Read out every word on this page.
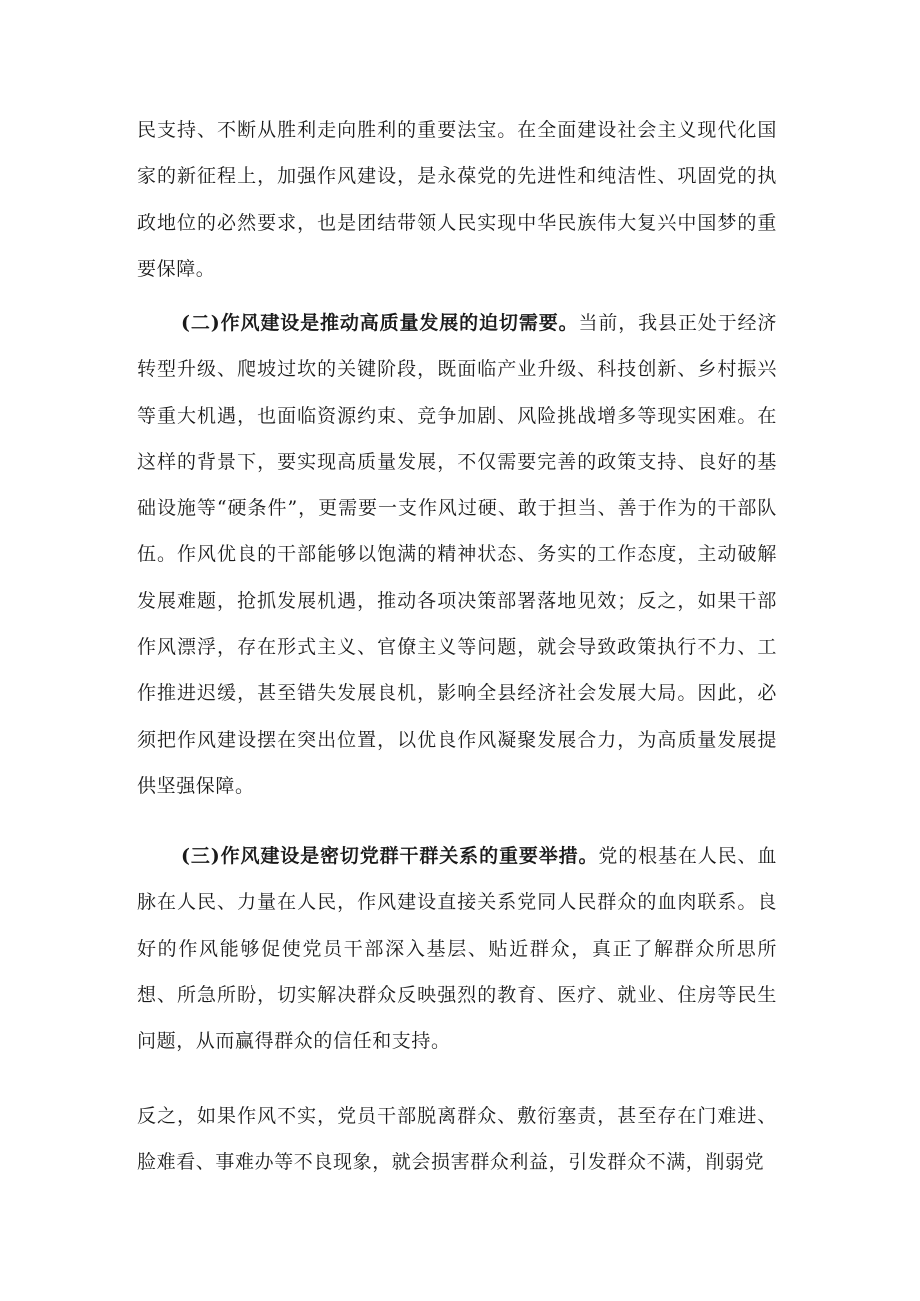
民支持、不断从胜利走向胜利的重要法宝。在全面建设社会主义现代化国家的新征程上，加强作风建设，是永葆党的先进性和纯洁性、巩固党的执政地位的必然要求，也是团结带领人民实现中华民族伟大复兴中国梦的重要保障。

(二)作风建设是推动高质量发展的迫切需要。当前，我县正处于经济转型升级、爬坡过坎的关键阶段，既面临产业升级、科技创新、乡村振兴等重大机遇，也面临资源约束、竞争加剧、风险挑战增多等现实困难。在这样的背景下，要实现高质量发展，不仅需要完善的政策支持、良好的基础设施等“硬条件”，更需要一支作风过硬、敢于担当、善于作为的干部队伍。作风优良的干部能够以饱满的精神状态、务实的工作态度，主动破解发展难题，抢抓发展机遇，推动各项决策部署落地见效；反之，如果干部作风漂浮，存在形式主义、官僚主义等问题，就会导致政策执行不力、工作推进迟缓，甚至错失发展良机，影响全县经济社会发展大局。因此，必须把作风建设摆在突出位置，以优良作风凝聚发展合力，为高质量发展提供坚强保障。

(三)作风建设是密切党群干群关系的重要举措。党的根基在人民、血脉在人民、力量在人民，作风建设直接关系党同人民群众的血肉联系。良好的作风能够促使党员干部深入基层、贴近群众，真正了解群众所思所想、所急所盼，切实解决群众反映强烈的教育、医疗、就业、住房等民生问题，从而赢得群众的信任和支持。

反之，如果作风不实，党员干部脱离群众、敷衍塞责，甚至存在门难进、脸难看、事难办等不良现象，就会损害群众利益，引发群众不满，削弱党
